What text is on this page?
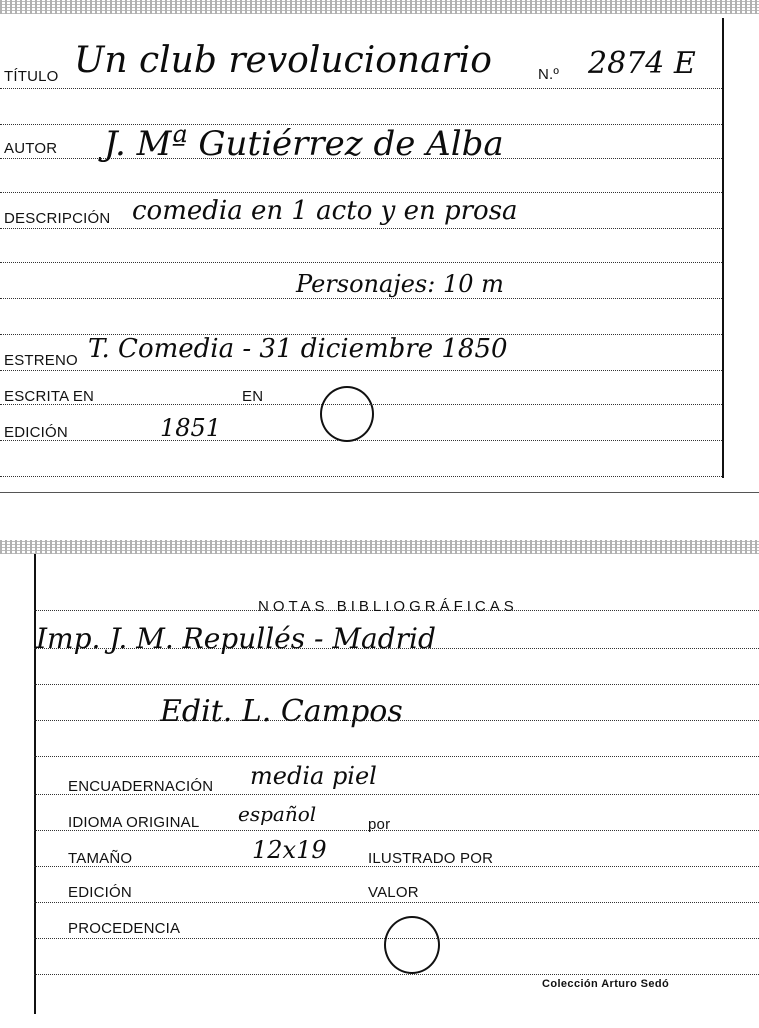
TÍTULO Un club revolucionario	N.º 2874 E
AUTOR J. Mª Gutiérrez de Alba
DESCRIPCIÓN comedia en 1 acto y en prosa
Personajes: 10 m
ESTRENO T. Comedia - 31 diciembre 1850
ESCRITA EN	EN
EDICIÓN	1851
NOTAS BIBLIOGRÁFICAS
Imp. J. M. Repullés - Madrid
Edit. L. Campos
ENCUADERNACIÓN media piel
IDIOMA ORIGINAL español	por
TAMAÑO	12x19	ILUSTRADO POR
EDICIÓN	VALOR
PROCEDENCIA
Colección Arturo Sedó
